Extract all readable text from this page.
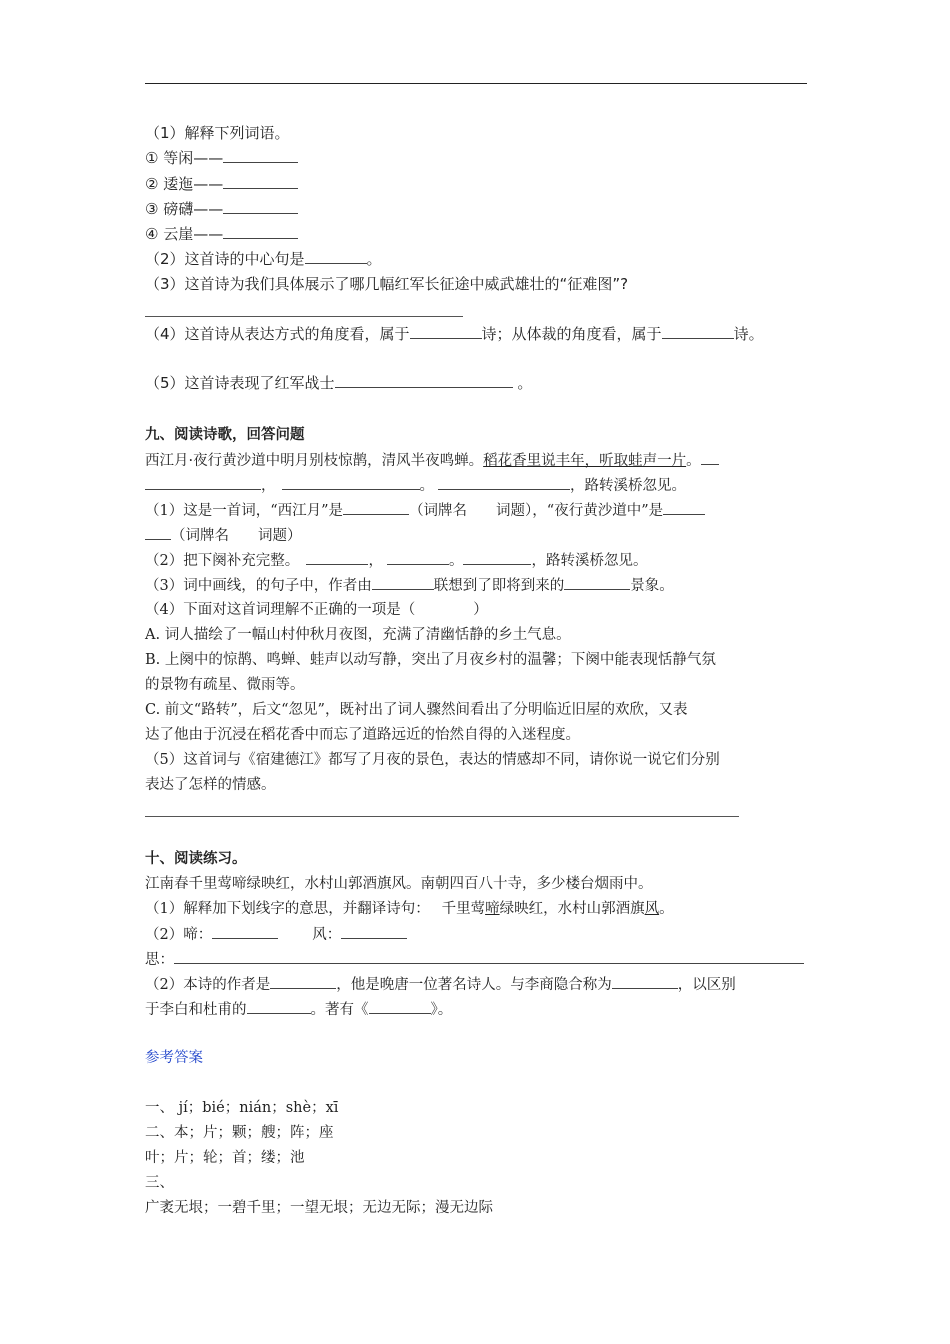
（1）解释下列词语。
① 等闲——
② 逶迤——
③ 磅礴——
④ 云崖——
（2）这首诗的中心句是	。
（3）这首诗为我们具体展示了哪几幅红军长征途中威武雄壮的“征难图”?
（4）这首诗从表达方式的角度看，属于	诗；从体裁的角度看，属于	诗。
（5）这首诗表现了红军战士	。
九、阅读诗歌，回答问题
西江月·夜行黄沙道中明月别枝惊鹊，清风半夜鸣蝉。稻花香里说丰年，听取蛙声一片。
，	。	，路转溪桥忽见。
（1）这是一首词，“西江月”是	（词牌名　　词题），“夜行黄沙道中”是
（词牌名　　词题）
（2）把下阕补充完整。　	，	。	，路转溪桥忽见。
（3）词中画线，的句子中，作者由	联想到了即将到来的	景象。
（4）下面对这首词理解不正确的一项是（　　　　）
A. 词人描绘了一幅山村仲秋月夜图，充满了清幽恬静的乡土气息。
B. 上阕中的惊鹊、鸣蝉、蛙声以动写静，突出了月夜乡村的温馨；下阕中能表现恬静气氛
的景物有疏星、微雨等。
C. 前文“路转”，后文“忽见”，既衬出了词人骤然间看出了分明临近旧屋的欢欣，又表
达了他由于沉浸在稻花香中而忘了道路远近的怡然自得的入迷程度。
（5）这首词与《宿建德江》都写了月夜的景色，表达的情感却不同，请你说一说它们分别
表达了怎样的情感。
十、阅读练习。
江南春千里莺啼绿映红，水村山郭酒旗风。南朝四百八十寺，多少楼台烟雨中。
（1）解释加下划线字的意思，并翻译诗句：　 千里莺啼绿映红，水村山郭酒旗风。
（2）啼：	风：
思：
（2）本诗的作者是	，他是晚唐一位著名诗人。与李商隐合称为	，以区别
于李白和杜甫的	。著有《	》。
参考答案
一、 jí；bié；nián；shè；xī
二、本；片；颗；艘；阵；座
叶；片；轮；首；缕；池
三、
广袤无垠；一碧千里；一望无垠；无边无际；漫无边际
